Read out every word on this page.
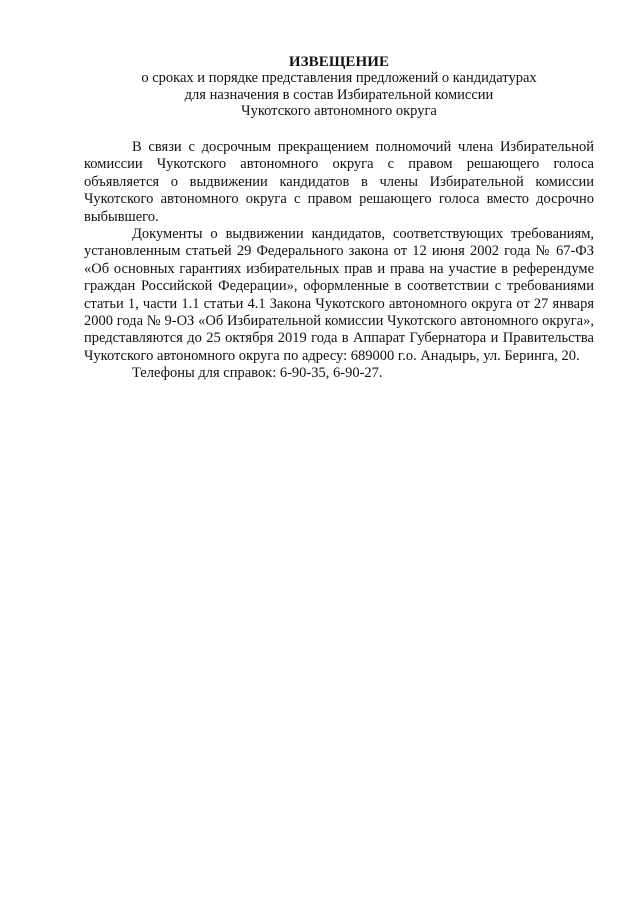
ИЗВЕЩЕНИЕ
о сроках и порядке представления предложений о кандидатурах
для назначения в состав Избирательной комиссии
Чукотского автономного округа

В связи с досрочным прекращением полномочий члена Избирательной комиссии Чукотского автономного округа с правом решающего голоса объявляется о выдвижении кандидатов в члены Избирательной комиссии Чукотского автономного округа с правом решающего голоса вместо досрочно выбывшего.

Документы о выдвижении кандидатов, соответствующих требованиям, установленным статьей 29 Федерального закона от 12 июня 2002 года № 67-ФЗ «Об основных гарантиях избирательных прав и права на участие в референдуме граждан Российской Федерации», оформленные в соответствии с требованиями статьи 1, части 1.1 статьи 4.1 Закона Чукотского автономного округа от 27 января 2000 года № 9-ОЗ «Об Избирательной комиссии Чукотского автономного округа», представляются до 25 октября 2019 года в Аппарат Губернатора и Правительства Чукотского автономного округа по адресу: 689000 г.о. Анадырь, ул. Беринга, 20.

Телефоны для справок: 6-90-35, 6-90-27.
